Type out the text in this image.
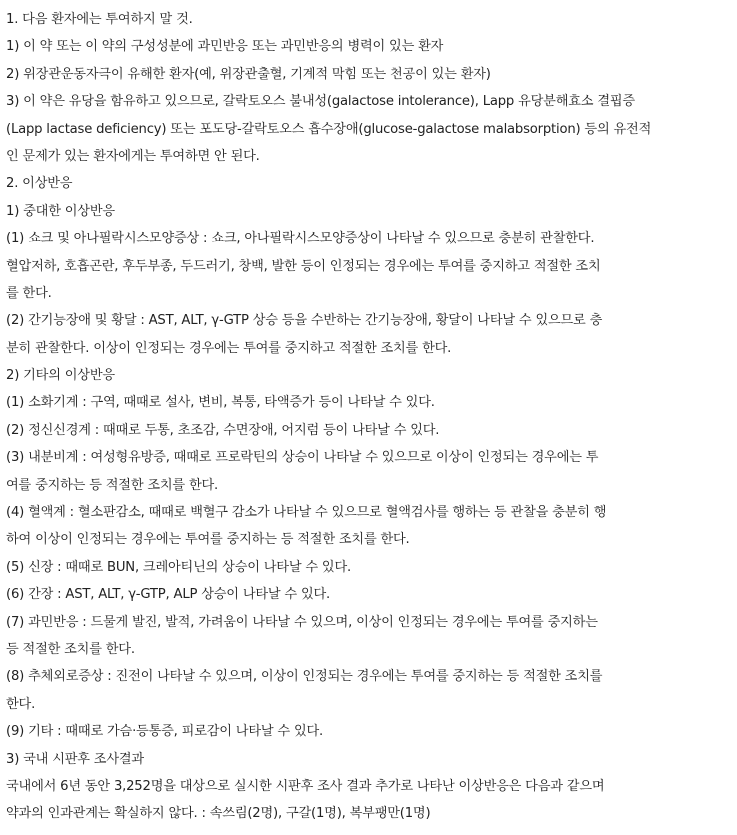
1. 다음 환자에는 투여하지 말 것.
1) 이 약 또는 이 약의 구성성분에 과민반응 또는 과민반응의 병력이 있는 환자
2) 위장관운동자극이 유해한 환자(예, 위장관출혈, 기계적 막힘 또는 천공이 있는 환자)
3) 이 약은 유당을 함유하고 있으므로, 갈락토오스 불내성(galactose intolerance), Lapp 유당분해효소 결핍증
(Lapp lactase deficiency) 또는 포도당-갈락토오스 흡수장애(glucose-galactose malabsorption) 등의 유전적
인 문제가 있는 환자에게는 투여하면 안 된다.
2. 이상반응
1) 중대한 이상반응
(1) 쇼크 및 아나필락시스모양증상 : 쇼크, 아나필락시스모양증상이 나타날 수 있으므로 충분히 관찰한다.
혈압저하, 호흡곤란, 후두부종, 두드러기, 창백, 발한 등이 인정되는 경우에는 투여를 중지하고 적절한 조치
를 한다.
(2) 간기능장애 및 황달 : AST, ALT, γ-GTP 상승 등을 수반하는 간기능장애, 황달이 나타날 수 있으므로 충
분히 관찰한다. 이상이 인정되는 경우에는 투여를 중지하고 적절한 조치를 한다.
2) 기타의 이상반응
(1) 소화기계 : 구역, 때때로 설사, 변비, 복통, 타액증가 등이 나타날 수 있다.
(2) 정신신경계 : 때때로 두통, 초조감, 수면장애, 어지럼 등이 나타날 수 있다.
(3) 내분비계 : 여성형유방증, 때때로 프로락틴의 상승이 나타날 수 있으므로 이상이 인정되는 경우에는 투
여를 중지하는 등 적절한 조치를 한다.
(4) 혈액계 : 혈소판감소, 때때로 백혈구 감소가 나타날 수 있으므로 혈액검사를 행하는 등 관찰을 충분히 행
하여 이상이 인정되는 경우에는 투여를 중지하는 등 적절한 조치를 한다.
(5) 신장 : 때때로 BUN, 크레아티닌의 상승이 나타날 수 있다.
(6) 간장 : AST, ALT, γ-GTP, ALP 상승이 나타날 수 있다.
(7) 과민반응 : 드물게 발진, 발적, 가려움이 나타날 수 있으며, 이상이 인정되는 경우에는 투여를 중지하는
등 적절한 조치를 한다.
(8) 추체외로증상 : 진전이 나타날 수 있으며, 이상이 인정되는 경우에는 투여를 중지하는 등 적절한 조치를
한다.
(9) 기타 : 때때로 가슴·등통증, 피로감이 나타날 수 있다.
3) 국내 시판후 조사결과
국내에서 6년 동안 3,252명을 대상으로 실시한 시판후 조사 결과 추가로 나타난 이상반응은 다음과 같으며
약과의 인과관계는 확실하지 않다. : 속쓰림(2명), 구갈(1명), 복부팽만(1명)
